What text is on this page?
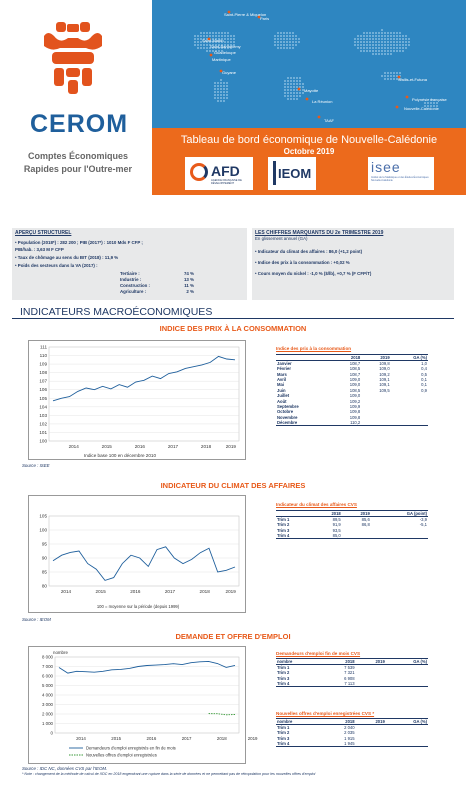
CEROM
Comptes Économiques
Rapides pour l'Outre-mer
Saint-Pierre & Miquelon
Paris
Saint-Martin
Saint-Barthélemy
Guadeloupe
Martinique
Guyane
Mayotte
La Réunion
Wallis-et-Futuna
Polynésie française
Nouvelle-Calédonie
TAAF
Tableau de bord économique de Nouvelle-Calédonie
Octobre 2019
AFD
AGENCE FRANÇAISE DE DÉVELOPPEMENT
IEOM	isee
Institut de la Statistique et des Études Économiques Nouvelle-Calédonie
APERÇU STRUCTUREL
• Population (2018*) : 282 200 ; PIB (2017*) : 1010 Mds F CFP ;
PIB/hab. : 3,63 M F CFP
• Taux de chômage au sens du BIT (2018) : 11,9 %
• Poids des secteurs dans la VA (2017) :
Tertiaire :	74 %
Industrie :	13 %
Construction :	11 %
Agriculture :	2 %
LES CHIFFRES MARQUANTS DU 2e TRIMESTRE 2019
En glissement annuel (GA)
• Indicateur du climat des affaires : 86,0 (+1,2 point)
• Indice des prix à la consommation : +0,02 %
• Cours moyen du nickel : -1,0 % ($/lb), +0,7 % (F CFP/T)
INDICATEURS MACROÉCONOMIQUES
INDICE DES PRIX À LA CONSOMMATION
100
101
102
103
104
105
106
107
108
109
110
111
2014	2015	2016	2017	2018	2019
Indice base 100 en décembre 2010
Source : ISEE
Indice des prix à la consommation
	2018	2019	GA (%)
Janvier	108,7	109,8	1,0
Février	108,5	109,0	0,4
Mars	108,7	109,2	0,5
Avril	109,0	109,1	0,1
Mai	109,0	109,1	0,1
Juin	108,5	109,5	0,9
Juillet	109,0		
Août	109,2		
Septembre	109,9		
Octobre	109,8		
Novembre	109,8		
Décembre	110,2		
INDICATEUR DU CLIMAT DES AFFAIRES
80
85
90
95
100
105
2014	2015	2016	2017	2018	2019
100 = moyenne sur la période (depuis 1999)
Source : IEOM
Indicateur du climat des affaires CVS
	2018	2019	GA (point)
Trim 1	89,5	85,6	-3,9
Trim 2	91,9	86,8	-5,1
Trim 3	93,5		
Trim 4	85,0		
DEMANDE ET OFFRE D'EMPLOI
0
1 000
2 000
3 000
4 000
5 000
6 000
7 000
8 000
2014	2015	2016	2017	2018	2019
nombre
Demandeurs d'emploi enregistrés en fin de mois
Nouvelles offres d'emploi enregistrées
Demandeurs d'emploi fin de mois CVS
nombre	2018	2019	GA (%)
Trim 1	7 539		
Trim 2	7 321		
Trim 3	6 908		
Trim 4	7 113		
Nouvelles offres d'emploi enregistrées CVS *
nombre	2018	2019	GA (%)
Trim 1	2 040		
Trim 2	2 035		
Trim 3	1 915		
Trim 4	1 945		
Source : IDC NC, données CVS par l'IEOM.
* Note : changement de la méthode de calcul de l'IDC en 2018 engendrant une rupture dans la série de données et ne permettant pas de rétropolation pour les nouvelles offres d'emploi
